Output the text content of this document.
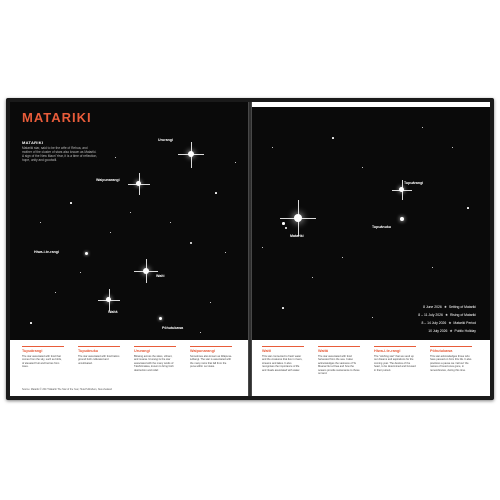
MATARIKI
MATARIKI
Matariki star, said to be the wife of Rehua, and mother of the cluster of stars also known as Matariki. A sign of the New Maori Year, it is a time of reflection, hope, unity and goodwill.
Ururangi
Waipunarangi
Hiwa-i-te-rangi
Waiti
Waitā
Pōhutukawa
Tupuārangi
The star associated with food that comes from the sky, such as birds, of elevated fruit and berries from trees.
Tupuānuku
The star associated with food balms ground both cultivated and uncultivated.
Ururangi
Blowing across the skies, vibrant, and moana. Ururangi is the star associated with the many winds of Tāwhirimātea, known to bring both destruction and relief.
Waipunarangi
Sometimes also known as Waipuna-ā-Rangi. The star is associated with the many rains that fall from the puna within our skies.
Source: Matariki © 2017 Matariki The Star of the Year, Huia Publishers, New Zealand
Matariki
Tupuārangi
Tupuānuku
8 June 2026 ★ Setting of Matariki
8 – 11 July 2026 ★ Rising of Matariki
8 – 14 July 2026 ★ Matariki Period
10 July 2026 ★ Public Holiday
Waiti
This star connected to fresh water and the creatures that live in rivers, streams and lakes. It also recognises the importance of life and rituals associated with water.
Waitā
The star associated with food harvested from the sea. It also acknowledges the vastness of Te Moana Nui a Kiwa and how the oceans provide sustenance to those on land.
Hiwa-i-te-rangi
The "wishing star" that we send up our dreams and aspirations for the coming year. The desires of the heart, to be determined and focused in their pursuit.
Pōhutukawa
This star acknowledges those who have passed on from this life. It also practices a pause we 'call out' the names of loved ones gone, in remembrance, during this time.
